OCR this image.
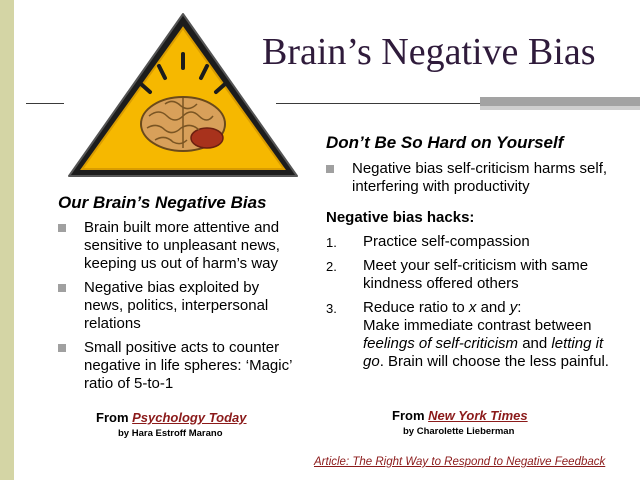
Brain’s Negative Bias
Our Brain’s Negative Bias
Brain built more attentive and sensitive to unpleasant news, keeping us out of harm’s way
Negative bias exploited by news, politics, interpersonal relations
Small positive acts to counter negative in life spheres: ‘Magic’ ratio of 5-to-1
From Psychology Today
by Hara Estroff Marano
Don’t Be So Hard on Yourself
Negative bias self-criticism harms self, interfering with productivity
Negative bias hacks:
1. Practice self-compassion
2. Meet your self-criticism with same kindness offered others
3. Reduce ratio to x and y:
Make immediate contrast between feelings of self-criticism and letting it go. Brain will choose the less painful.
From New York Times
by Charolette Lieberman
Article: The Right Way to Respond to Negative Feedback
